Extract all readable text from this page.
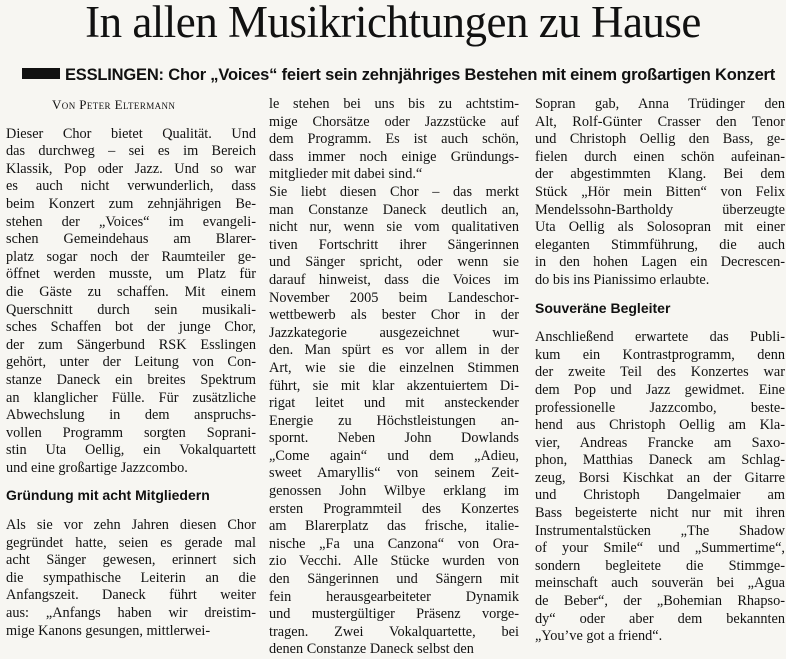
In allen Musikrichtungen zu Hause
ESSLINGEN: Chor „Voices“ feiert sein zehnjähriges Bestehen mit einem großartigen Konzert
Von Peter Eltermann
Dieser Chor bietet Qualität. Und
das durchweg – sei es im Bereich
Klassik, Pop oder Jazz. Und so war
es auch nicht verwunderlich, dass
beim Konzert zum zehnjährigen Be-
stehen der „Voices“ im evangeli-
schen Gemeindehaus am Blarer-
platz sogar noch der Raumteiler ge-
öffnet werden musste, um Platz für
die Gäste zu schaffen. Mit einem
Querschnitt durch sein musikali-
sches Schaffen bot der junge Chor,
der zum Sängerbund RSK Esslingen
gehört, unter der Leitung von Con-
stanze Daneck ein breites Spektrum
an klanglicher Fülle. Für zusätzliche
Abwechslung in dem anspruchs-
vollen Programm sorgten Soprani-
stin Uta Oellig, ein Vokalquartett
und eine großartige Jazzcombo.
Gründung mit acht Mitgliedern
Als sie vor zehn Jahren diesen Chor
gegründet hatte, seien es gerade mal
acht Sänger gewesen, erinnert sich
die sympathische Leiterin an die
Anfangszeit. Daneck führt weiter
aus: „Anfangs haben wir dreistim-
mige Kanons gesungen, mittlerwei-
le stehen bei uns bis zu achtstim-
mige Chorsätze oder Jazzstücke auf
dem Programm. Es ist auch schön,
dass immer noch einige Gründungs-
mitglieder mit dabei sind.“
Sie liebt diesen Chor – das merkt
man Constanze Daneck deutlich an,
nicht nur, wenn sie vom qualitativen
tiven Fortschritt ihrer Sängerinnen
und Sänger spricht, oder wenn sie
darauf hinweist, dass die Voices im
November 2005 beim Landeschor-
wettbewerb als bester Chor in der
Jazzkategorie ausgezeichnet wur-
den. Man spürt es vor allem in der
Art, wie sie die einzelnen Stimmen
führt, sie mit klar akzentuiertem Di-
rigat leitet und mit ansteckender
Energie zu Höchstleistungen an-
spornt. Neben John Dowlands
„Come again“ und dem „Adieu,
sweet Amaryllis“ von seinem Zeit-
genossen John Wilbye erklang im
ersten Programmteil des Konzertes
am Blarerplatz das frische, italie-
nische „Fa una Canzona“ von Ora-
zio Vecchi. Alle Stücke wurden von
den Sängerinnen und Sängern mit
fein herausgearbeiteter Dynamik
und mustergültiger Präsenz vorge-
tragen. Zwei Vokalquartette, bei
denen Constanze Daneck selbst den
Sopran gab, Anna Trüdinger den
Alt, Rolf-Günter Crasser den Tenor
und Christoph Oellig den Bass, ge-
fielen durch einen schön aufeinan-
der abgestimmten Klang. Bei dem
Stück „Hör mein Bitten“ von Felix
Mendelssohn-Bartholdy überzeugte
Uta Oellig als Solosopran mit einer
eleganten Stimmführung, die auch
in den hohen Lagen ein Decrescen-
do bis ins Pianissimo erlaubte.
Souveräne Begleiter
Anschließend erwartete das Publi-
kum ein Kontrastprogramm, denn
der zweite Teil des Konzertes war
dem Pop und Jazz gewidmet. Eine
professionelle Jazzcombo, beste-
hend aus Christoph Oellig am Kla-
vier, Andreas Francke am Saxo-
phon, Matthias Daneck am Schlag-
zeug, Borsi Kischkat an der Gitarre
und Christoph Dangelmaier am
Bass begeisterte nicht nur mit ihren
Instrumentalstücken „The Shadow
of your Smile“ und „Summertime“,
sondern begleitete die Stimmge-
meinschaft auch souverän bei „Agua
de Beber“, der „Bohemian Rhapso-
dy“ oder aber dem bekannten
„You’ve got a friend“.
